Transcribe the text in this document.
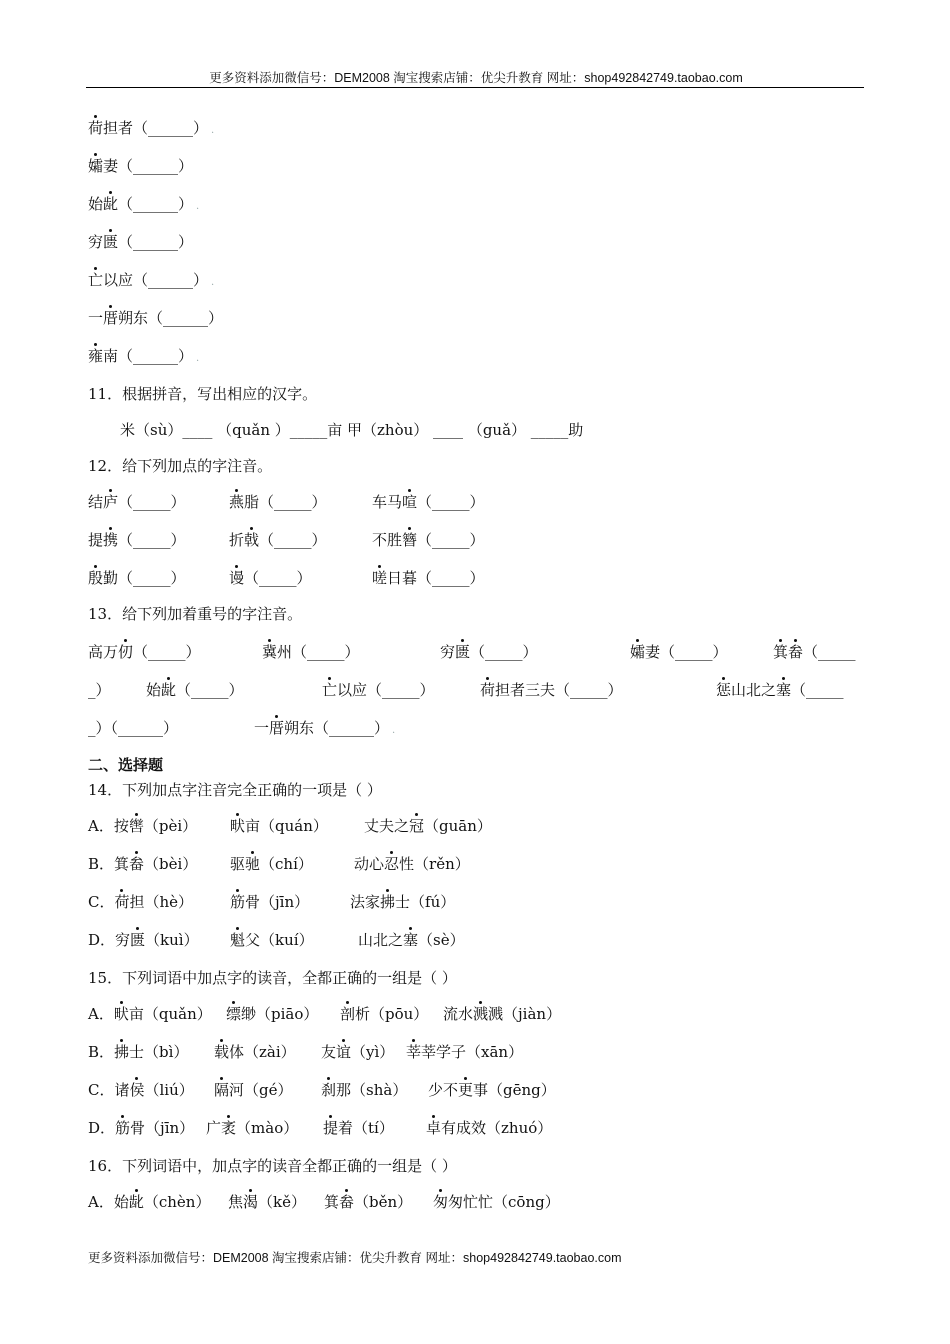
更多资料添加微信号：DEM2008 淘宝搜索店铺：优尖升教育 网址：shop492842749.taobao.com
荷担者（______） .
孀妻（______）
始龀（______） .
穷匮（______）
亡以应（______） .
一厝朔东（______）
雍南（______） .
11．根据拼音，写出相应的汉字。
米（sù）____ （quǎn ）_____亩 甲（zhòu） ____ （guǎ） _____助
12．给下列加点的字注音。
结庐（_____）	燕脂（_____）	车马喧（_____）
提携（_____）	折戟（_____）	不胜簪（_____）
殷勤（_____）	谩（_____）	嗟日暮（_____）
13．给下列加着重号的字注音。
高万仞（_____）	冀州（_____）	穷匮（_____）	孀妻（_____）	箕畚（_____
_） 始龀（_____）	亡以应（_____）	荷担者三夫（_____）	惩山北之塞（_____
_）（______）	一厝朔东（______） .
二、选择题
14．下列加点字注音完全正确的一项是（ ）
A．按辔（pèi） 畎亩（quán） 丈夫之冠（guān）
B．箕畚（bèi） 驱驰（chí）	动心忍性（rěn）
C．荷担（hè） 筋骨（jīn）	法家拂士（fú）
D．穷匮（kuì） 魁父（kuí）	山北之塞（sè）
15．下列词语中加点字的读音，全都正确的一组是（ ）
A．畎亩（quǎn） 缥缈（piāo） 剖析（pōu） 流水溅溅（jiàn）
B．拂士（bì） 载体（zài） 友谊（yì） 莘莘学子（xān）
C．诸侯（liú） 隔河（gé） 刹那（shà） 少不更事（gēng）
D．筋骨（jīn） 广袤（mào） 提着（tí） 卓有成效（zhuó）
16．下列词语中，加点字的读音全都正确的一组是（ ）
A．始龀（chèn） 焦渴（kě） 箕畚（běn） 匆匆忙忙（cōng）
更多资料添加微信号：DEM2008 淘宝搜索店铺：优尖升教育 网址：shop492842749.taobao.com
